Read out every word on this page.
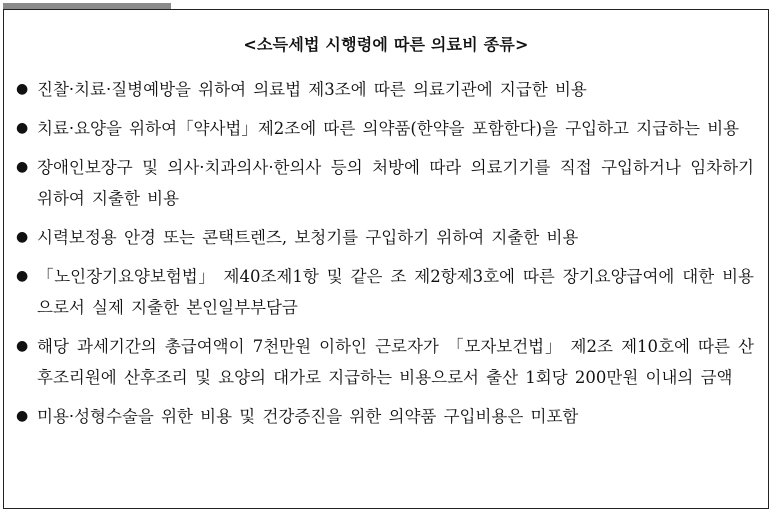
<소득세법 시행령에 따른 의료비 종류>
● 진찰·치료·질병예방을 위하여 의료법 제3조에 따른 의료기관에 지급한 비용
● 치료·요양을 위하여「약사법」제2조에 따른 의약품(한약을 포함한다)을 구입하고 지급하는 비용
● 장애인보장구 및 의사·치과의사·한의사 등의 처방에 따라 의료기기를 직접 구입하거나 임차하기 위하여 지출한 비용
● 시력보정용 안경 또는 콘택트렌즈, 보청기를 구입하기 위하여 지출한 비용
● 「노인장기요양보험법」 제40조제1항 및 같은 조 제2항제3호에 따른 장기요양급여에 대한 비용으로서 실제 지출한 본인일부부담금
● 해당 과세기간의 총급여액이 7천만원 이하인 근로자가 「모자보건법」 제2조 제10호에 따른 산후조리원에 산후조리 및 요양의 대가로 지급하는 비용으로서 출산 1회당 200만원 이내의 금액
● 미용·성형수술을 위한 비용 및 건강증진을 위한 의약품 구입비용은 미포함
